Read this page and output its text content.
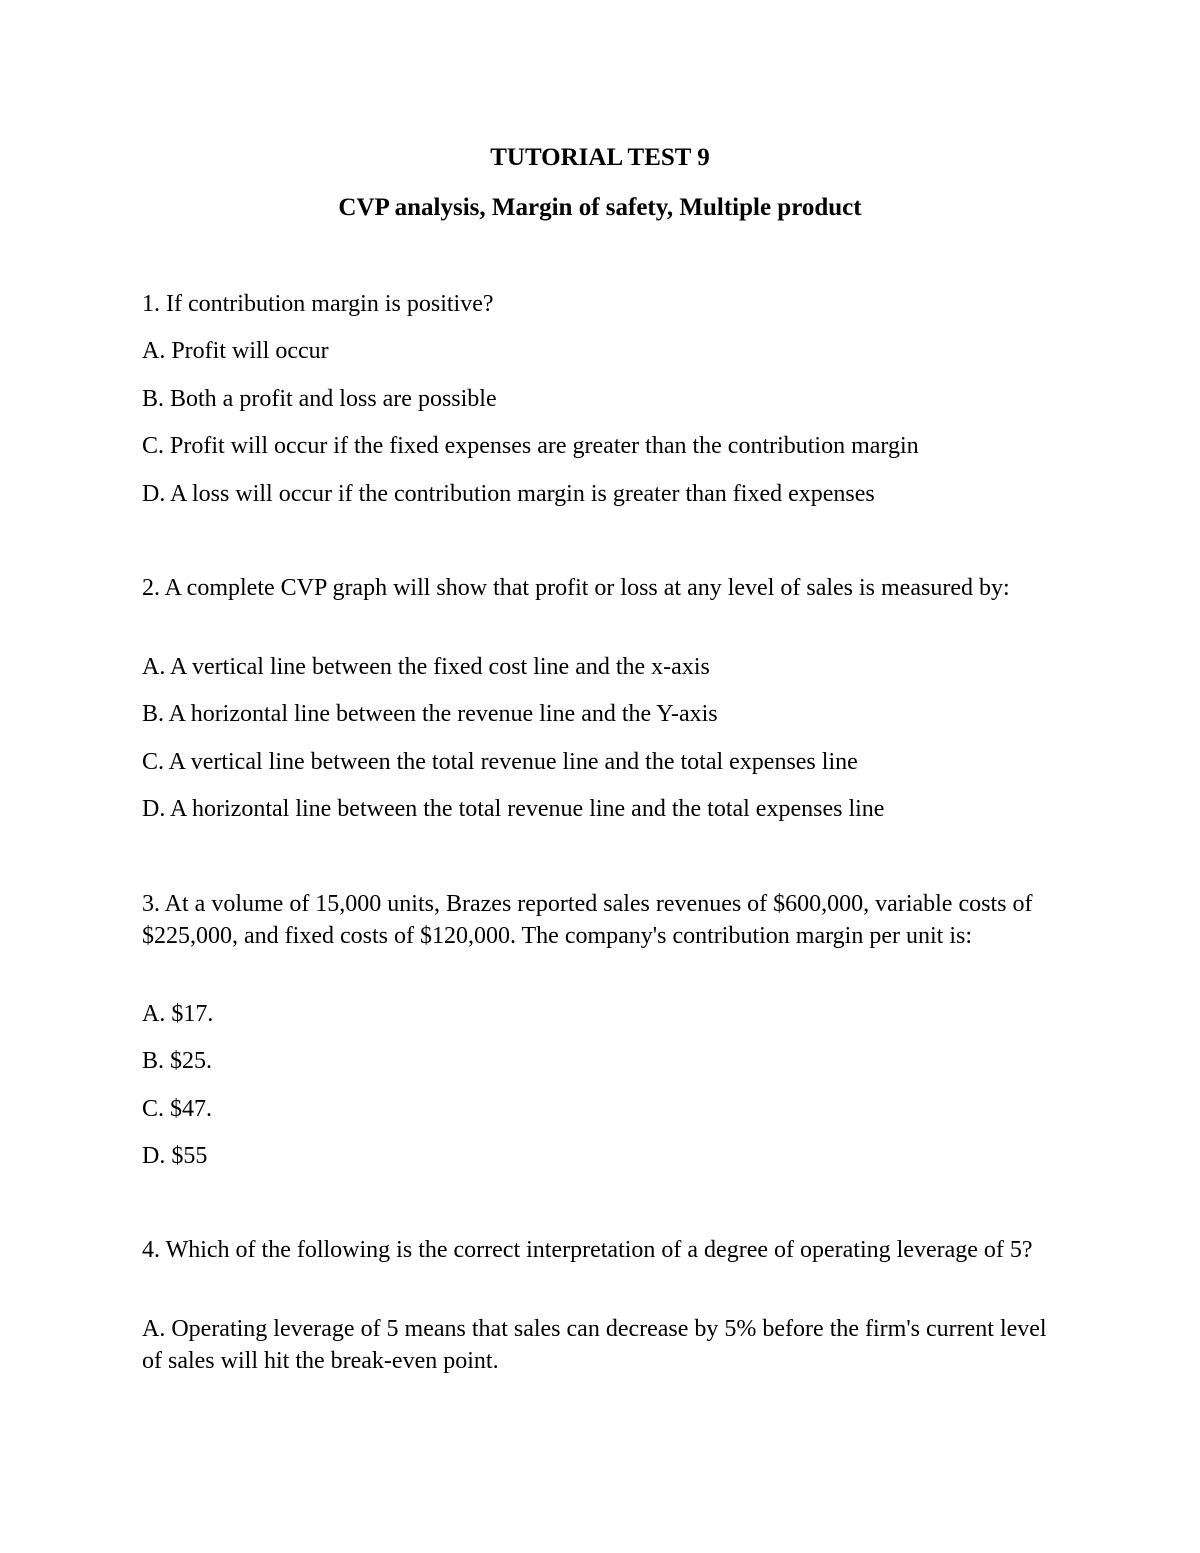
TUTORIAL TEST 9
CVP analysis, Margin of safety, Multiple product
1. If contribution margin is positive?
A. Profit will occur
B. Both a profit and loss are possible
C. Profit will occur if the fixed expenses are greater than the contribution margin
D. A loss will occur if the contribution margin is greater than fixed expenses
2. A complete CVP graph will show that profit or loss at any level of sales is measured by:
A. A vertical line between the fixed cost line and the x-axis
B. A horizontal line between the revenue line and the Y-axis
C. A vertical line between the total revenue line and the total expenses line
D. A horizontal line between the total revenue line and the total expenses line
3. At a volume of 15,000 units, Brazes reported sales revenues of $600,000, variable costs of $225,000, and fixed costs of $120,000. The company's contribution margin per unit is:
A. $17.
B. $25.
C. $47.
D. $55
4. Which of the following is the correct interpretation of a degree of operating leverage of 5?
A. Operating leverage of 5 means that sales can decrease by 5% before the firm's current level of sales will hit the break-even point.
